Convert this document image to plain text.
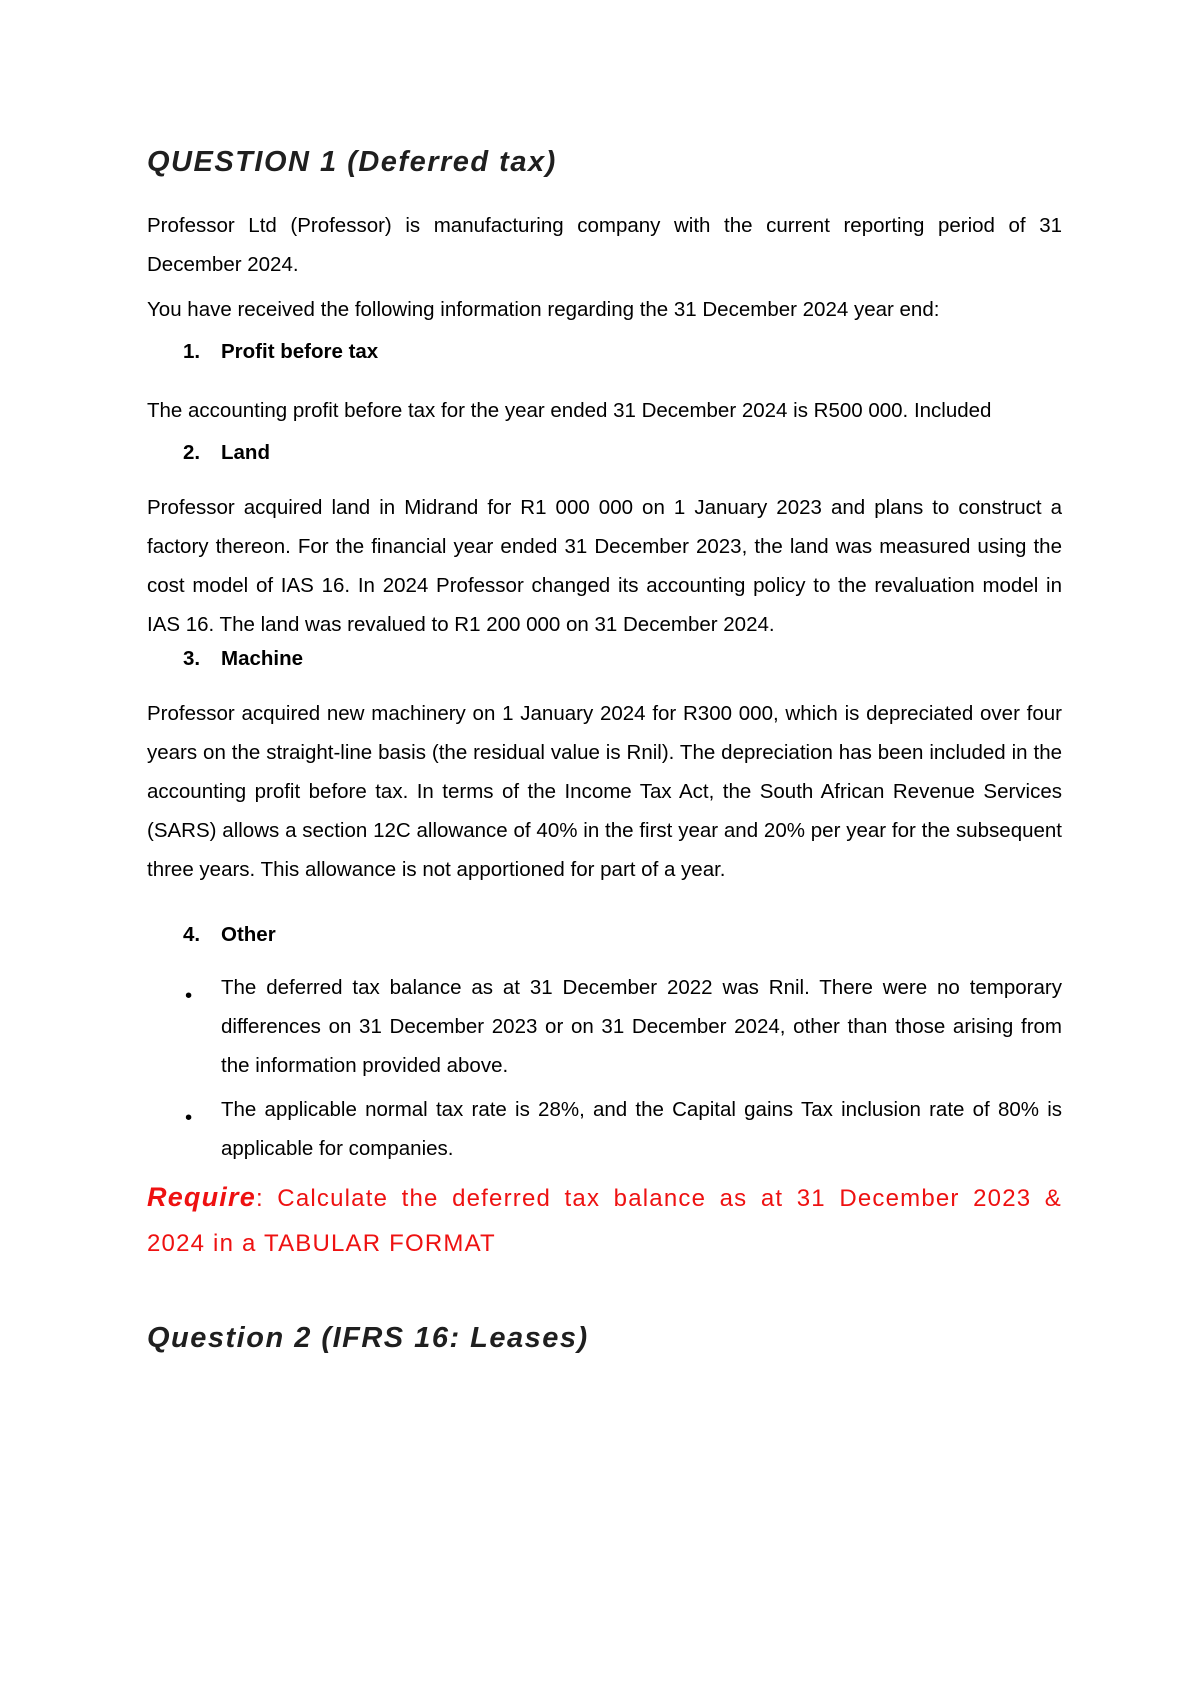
QUESTION 1 (Deferred tax)

Professor Ltd (Professor) is manufacturing company with the current reporting period of 31 December 2024.

You have received the following information regarding the 31 December 2024 year end:

1. Profit before tax

The accounting profit before tax for the year ended 31 December 2024 is R500 000. Included

2. Land

Professor acquired land in Midrand for R1 000 000 on 1 January 2023 and plans to construct a factory thereon. For the financial year ended 31 December 2023, the land was measured using the cost model of IAS 16. In 2024 Professor changed its accounting policy to the revaluation model in IAS 16. The land was revalued to R1 200 000 on 31 December 2024.

3. Machine

Professor acquired new machinery on 1 January 2024 for R300 000, which is depreciated over four years on the straight-line basis (the residual value is Rnil). The depreciation has been included in the accounting profit before tax. In terms of the Income Tax Act, the South African Revenue Services (SARS) allows a section 12C allowance of 40% in the first year and 20% per year for the subsequent three years. This allowance is not apportioned for part of a year.

4. Other
• The deferred tax balance as at 31 December 2022 was Rnil. There were no temporary differences on 31 December 2023 or on 31 December 2024, other than those arising from the information provided above.
• The applicable normal tax rate is 28%, and the Capital gains Tax inclusion rate of 80% is applicable for companies.
Require: Calculate the deferred tax balance as at 31 December 2023 & 2024 in a TABULAR FORMAT
Question 2 (IFRS 16: Leases)
